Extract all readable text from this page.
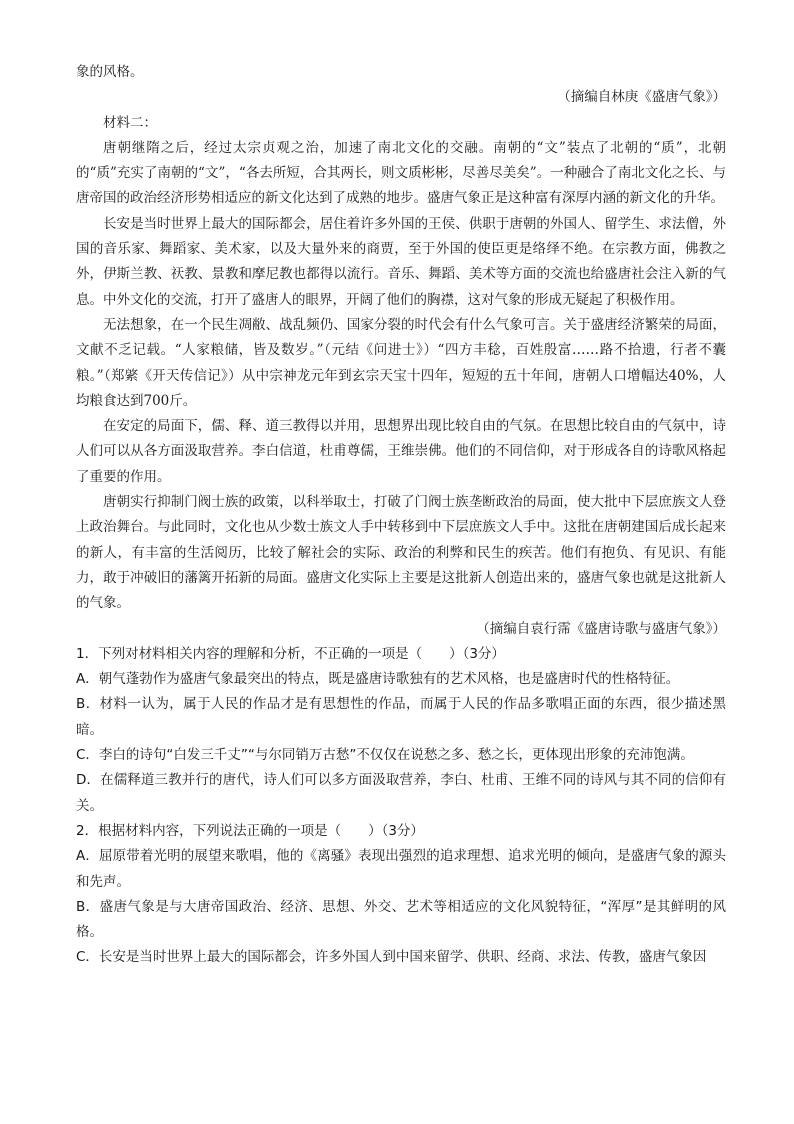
象的风格。

（摘编自林庚《盛唐气象》）

材料二：

唐朝继隋之后，经过太宗贞观之治，加速了南北文化的交融。南朝的“文”装点了北朝的“质”，北朝的“质”充实了南朝的“文”，“各去所短，合其两长，则文质彬彬，尽善尽美矣”。一种融合了南北文化之长、与唐帝国的政治经济形势相适应的新文化达到了成熟的地步。盛唐气象正是这种富有深厚内涵的新文化的升华。

长安是当时世界上最大的国际都会，居住着许多外国的王侯、供职于唐朝的外国人、留学生、求法僧，外国的音乐家、舞蹈家、美术家，以及大量外来的商贾，至于外国的使臣更是络绎不绝。在宗教方面，佛教之外，伊斯兰教、祆教、景教和摩尼教也都得以流行。音乐、舞蹈、美术等方面的交流也给盛唐社会注入新的气息。中外文化的交流，打开了盛唐人的眼界，开阔了他们的胸襟，这对气象的形成无疑起了积极作用。

无法想象，在一个民生凋敝、战乱频仍、国家分裂的时代会有什么气象可言。关于盛唐经济繁荣的局面，文献不乏记载。“人家粮储，皆及数岁。”（元结《问进士》）“四方丰稔，百姓殷富……路不拾遗，行者不囊粮。”（郑綮《开天传信记》）从中宗神龙元年到玄宗天宝十四年，短短的五十年间，唐朝人口增幅达40%，人均粮食达到700斤。

在安定的局面下，儒、释、道三教得以并用，思想界出现比较自由的气氛。在思想比较自由的气氛中，诗人们可以从各方面汲取营养。李白信道，杜甫尊儒，王维崇佛。他们的不同信仰，对于形成各自的诗歌风格起了重要的作用。

唐朝实行抑制门阀士族的政策，以科举取士，打破了门阀士族垄断政治的局面，使大批中下层庶族文人登上政治舞台。与此同时，文化也从少数士族文人手中转移到中下层庶族文人手中。这批在唐朝建国后成长起来的新人，有丰富的生活阅历，比较了解社会的实际、政治的利弊和民生的疾苦。他们有抱负、有见识、有能力，敢于冲破旧的藩篱开拓新的局面。盛唐文化实际上主要是这批新人创造出来的，盛唐气象也就是这批新人的气象。

（摘编自袁行霈《盛唐诗歌与盛唐气象》）

1．下列对材料相关内容的理解和分析，不正确的一项是（　　）（3分）

A．朝气蓬勃作为盛唐气象最突出的特点，既是盛唐诗歌独有的艺术风格，也是盛唐时代的性格特征。

B．材料一认为，属于人民的作品才是有思想性的作品，而属于人民的作品多歌唱正面的东西，很少描述黑暗。

C．李白的诗句“白发三千丈”“与尔同销万古愁”不仅仅在说愁之多、愁之长，更体现出形象的充沛饱满。

D．在儒释道三教并行的唐代，诗人们可以多方面汲取营养，李白、杜甫、王维不同的诗风与其不同的信仰有关。

2．根据材料内容，下列说法正确的一项是（　　）（3分）

A．屈原带着光明的展望来歌唱，他的《离骚》表现出强烈的追求理想、追求光明的倾向，是盛唐气象的源头和先声。

B．盛唐气象是与大唐帝国政治、经济、思想、外交、艺术等相适应的文化风貌特征，“浑厚”是其鲜明的风格。

C．长安是当时世界上最大的国际都会，许多外国人到中国来留学、供职、经商、求法、传教，盛唐气象因
